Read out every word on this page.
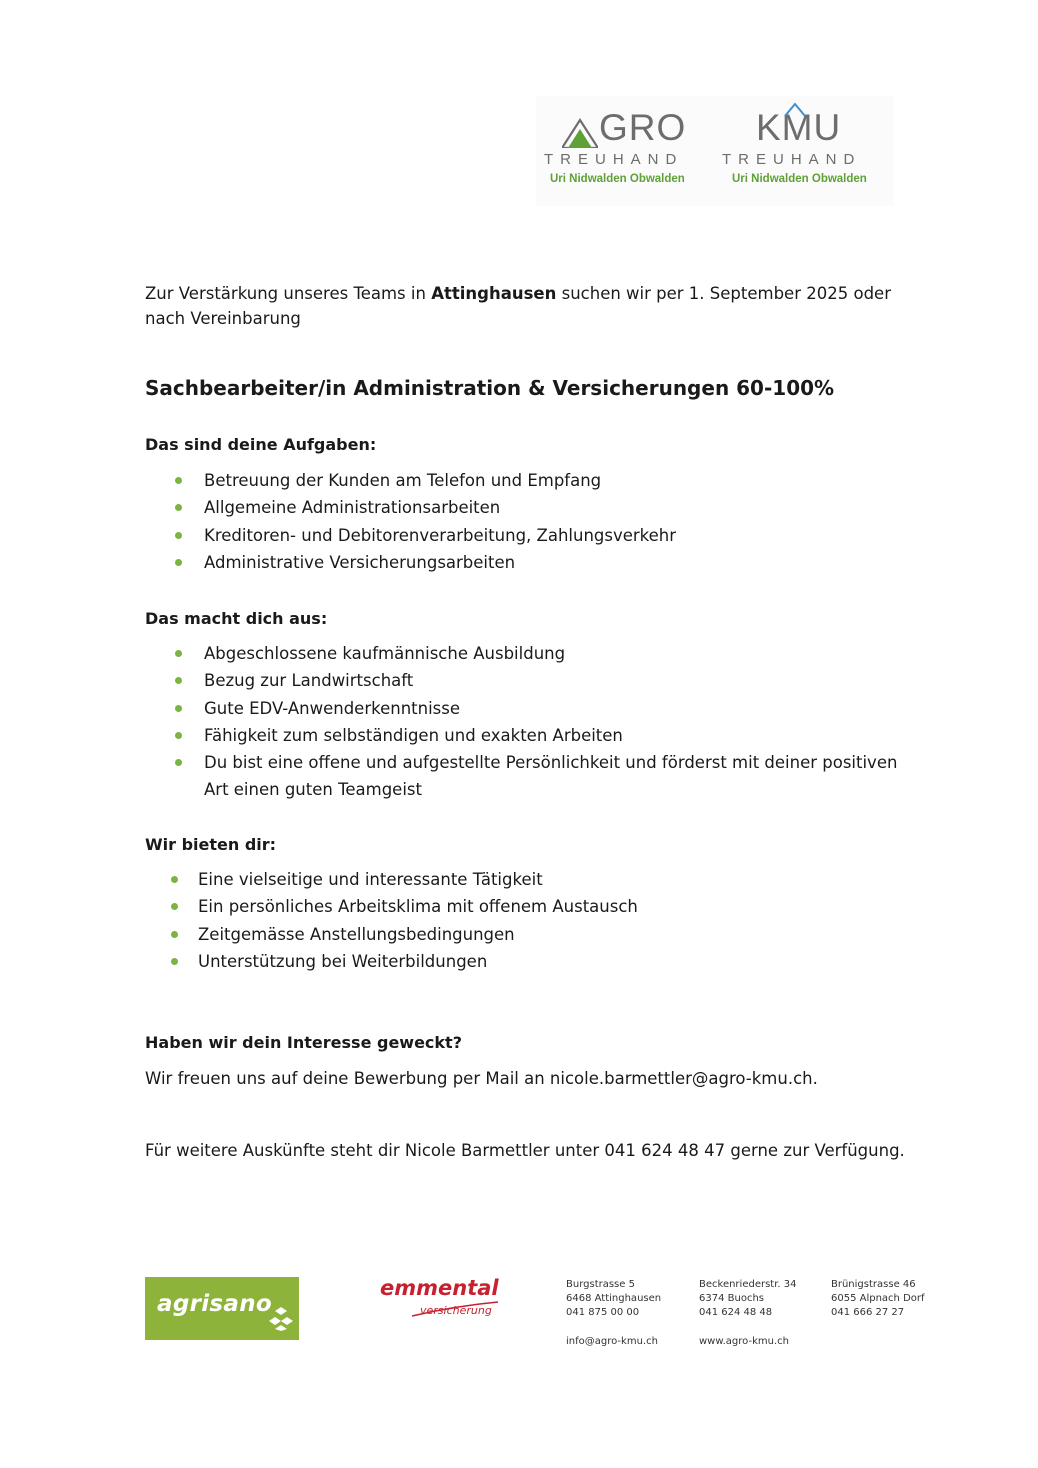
GRO
TREUHAND
Uri Nidwalden Obwalden
KMU
TREUHAND
Uri Nidwalden Obwalden
Zur Verstärkung unseres Teams in Attinghausen suchen wir per 1. September 2025 oder nach Vereinbarung
Sachbearbeiter/in Administration & Versicherungen 60-100%
Das sind deine Aufgaben:
Betreuung der Kunden am Telefon und Empfang
Allgemeine Administrationsarbeiten
Kreditoren- und Debitorenverarbeitung, Zahlungsverkehr
Administrative Versicherungsarbeiten
Das macht dich aus:
Abgeschlossene kaufmännische Ausbildung
Bezug zur Landwirtschaft
Gute EDV-Anwenderkenntnisse
Fähigkeit zum selbständigen und exakten Arbeiten
Du bist eine offene und aufgestellte Persönlichkeit und förderst mit deiner positiven Art einen guten Teamgeist
Wir bieten dir:
Eine vielseitige und interessante Tätigkeit
Ein persönliches Arbeitsklima mit offenem Austausch
Zeitgemässe Anstellungsbedingungen
Unterstützung bei Weiterbildungen
Haben wir dein Interesse geweckt?
Wir freuen uns auf deine Bewerbung per Mail an nicole.barmettler@agro-kmu.ch.
Für weitere Auskünfte steht dir Nicole Barmettler unter 041 624 48 47 gerne zur Verfügung.
agrisano
emmental
versicherung
Burgstrasse 5
6468 Attinghausen
041 875 00 00
Beckenriederstr. 34
6374 Buochs
041 624 48 48
Brünigstrasse 46
6055 Alpnach Dorf
041 666 27 27
info@agro-kmu.ch	www.agro-kmu.ch
